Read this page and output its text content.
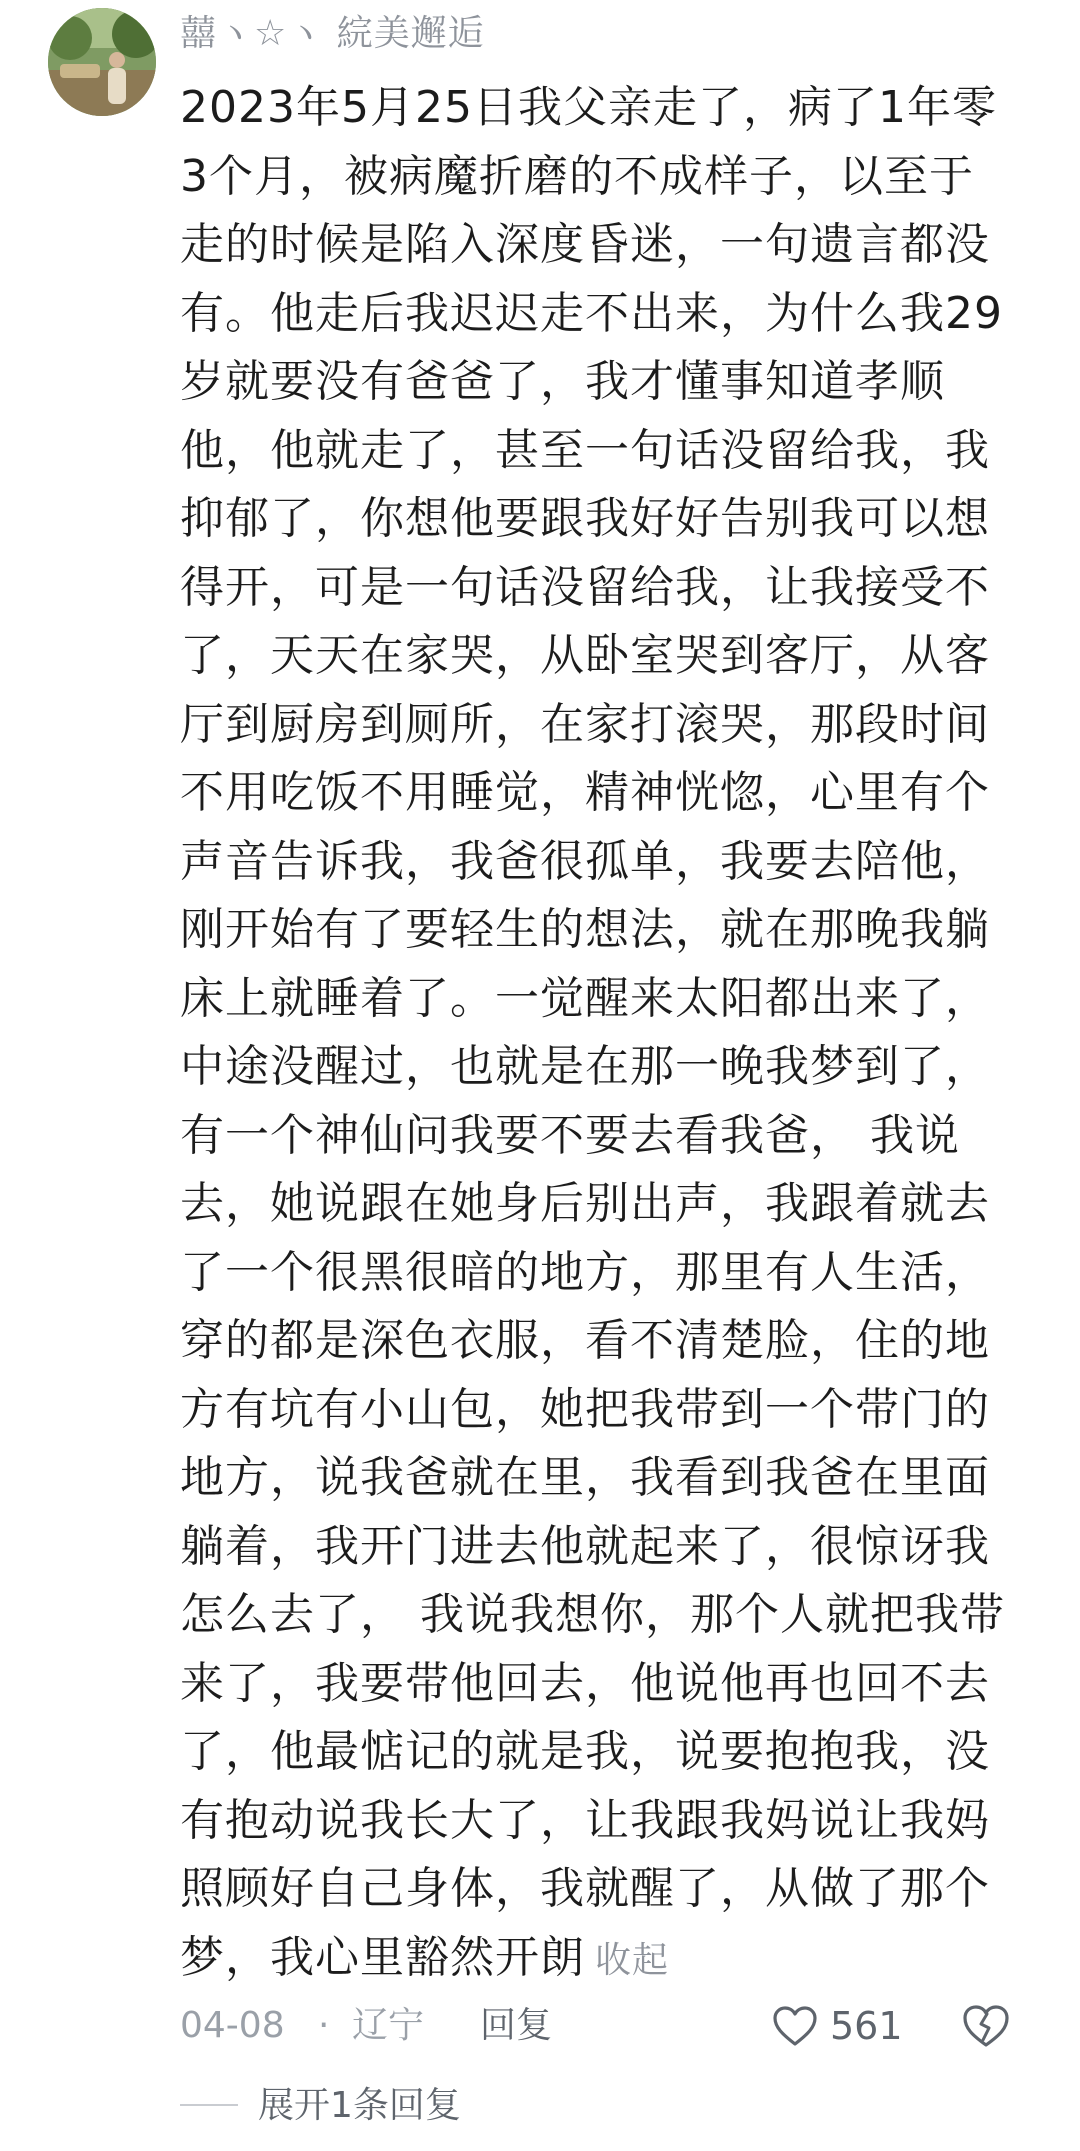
囍ヽ☆ヽ 綄美邂逅
2023年5月25日我父亲走了，病了1年零3个月，被病魔折磨的不成样子，以至于走的时候是陷入深度昏迷，一句遗言都没有。他走后我迟迟走不出来，为什么我29岁就要没有爸爸了，我才懂事知道孝顺他，他就走了，甚至一句话没留给我，我抑郁了，你想他要跟我好好告别我可以想得开，可是一句话没留给我，让我接受不了，天天在家哭，从卧室哭到客厅，从客厅到厨房到厕所，在家打滚哭，那段时间不用吃饭不用睡觉，精神恍惚，心里有个声音告诉我，我爸很孤单，我要去陪他，刚开始有了要轻生的想法，就在那晚我躺床上就睡着了。一觉醒来太阳都出来了，中途没醒过，也就是在那一晚我梦到了，有一个神仙问我要不要去看我爸， 我说去，她说跟在她身后别出声，我跟着就去了一个很黑很暗的地方，那里有人生活，穿的都是深色衣服，看不清楚脸，住的地方有坑有小山包，她把我带到一个带门的地方，说我爸就在里，我看到我爸在里面躺着，我开门进去他就起来了，很惊讶我怎么去了， 我说我想你，那个人就把我带来了，我要带他回去，他说他再也回不去了，他最惦记的就是我，说要抱抱我，没有抱动说我长大了，让我跟我妈说让我妈照顾好自己身体，我就醒了，从做了那个梦，我心里豁然开朗 收起
04-08 · 辽宁 回复	561
展开1条回复
